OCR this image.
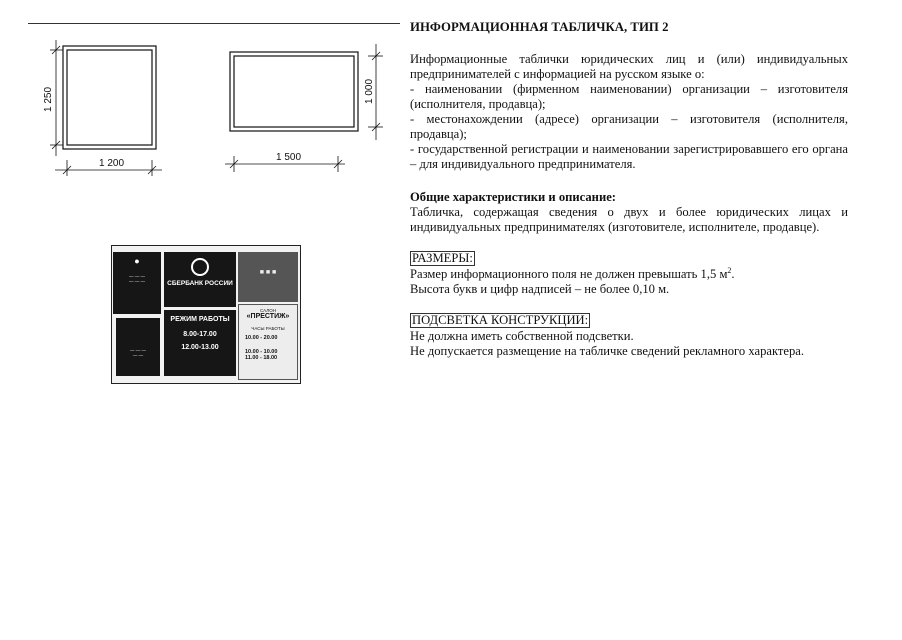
1 200
1 250
1 500
1 000
●
— — —
— — —	СБЕРБАНК РОССИИ
■ ■ ■
— — —
— —
РЕЖИМ РАБОТЫ
8.00-17.00
12.00-13.00
САЛОН
«ПРЕСТИЖ»
ЧАСЫ РАБОТЫ
10.00 - 20.00
10.00 - 10.00
11.00 - 18.00

ИНФОРМАЦИОННАЯ ТАБЛИЧКА, ТИП 2

Информационные таблички юридических лиц и (или) индивидуальных предпринимателей с информацией на русском языке о:

- наименовании (фирменном наименовании) организации – изготовителя (исполнителя, продавца);

- местонахождении (адресе) организации – изготовителя (исполнителя, продавца);

- государственной регистрации и наименовании зарегистрировавшего его органа – для индивидуального предпринимателя.

Общие характеристики и описание:

Табличка, содержащая сведения о двух и более юридических лицах и индивидуальных предпринимателях (изготовителе, исполнителе, продавце).

РАЗМЕРЫ:

Размер информационного поля не должен превышать 1,5 $м^2$.

Высота букв и цифр надписей – не более 0,10 м.

ПОДСВЕТКА КОНСТРУКЦИИ:

Не должна иметь собственной подсветки.

Не допускается размещение на табличке сведений рекламного характера.
